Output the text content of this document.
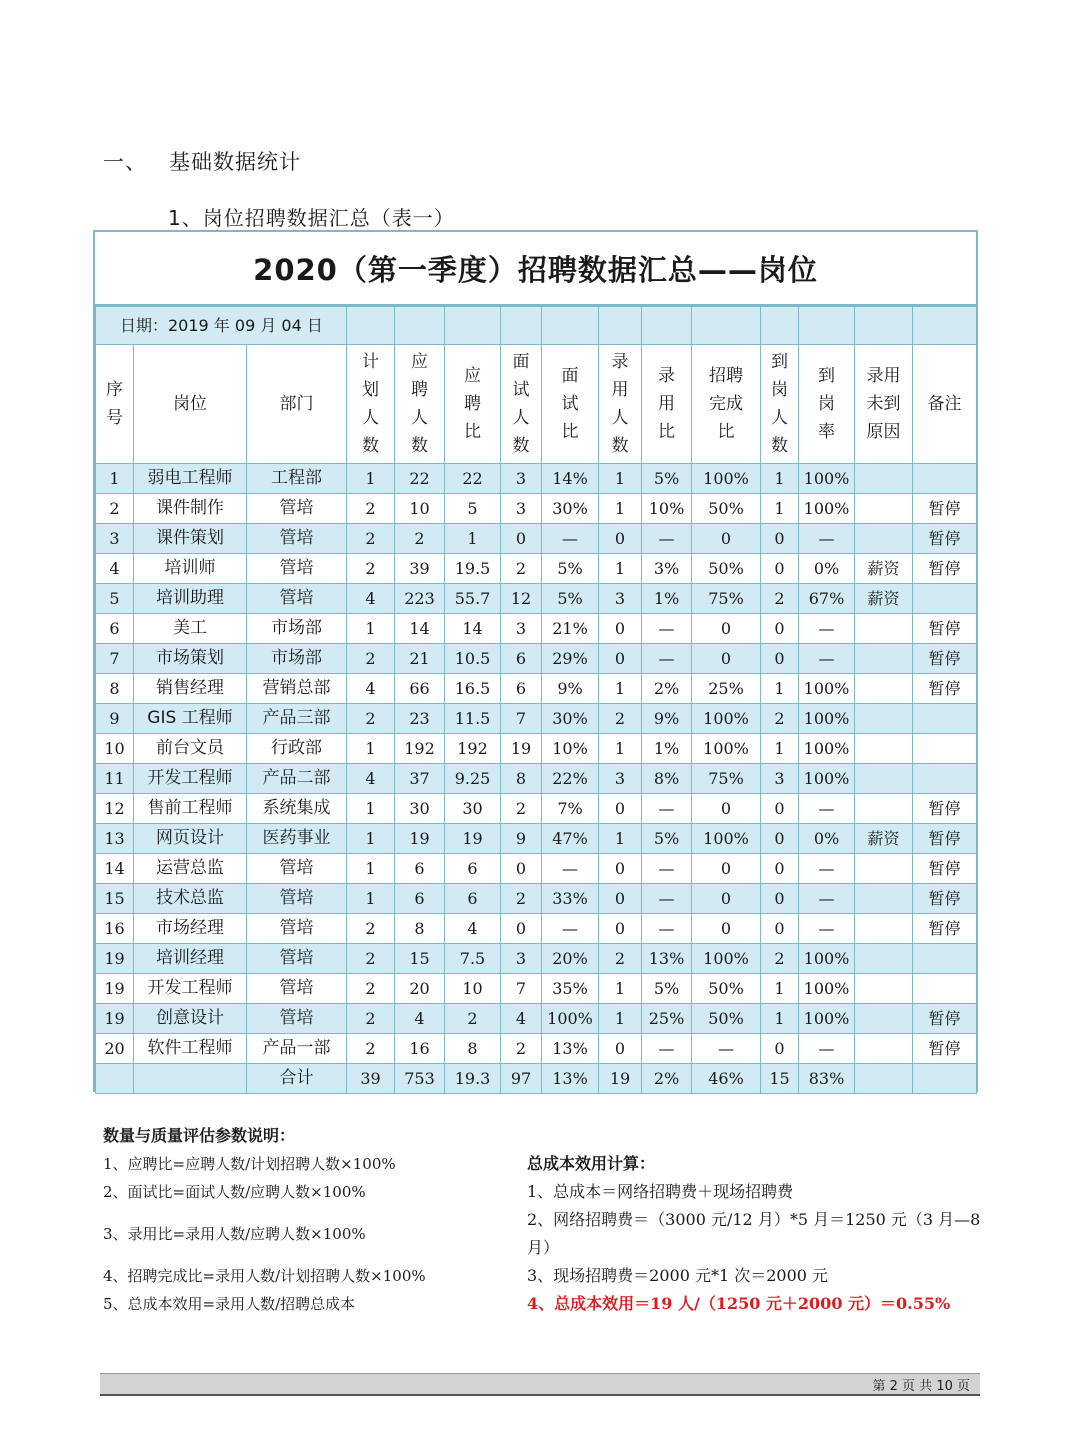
一、 基础数据统计
1、岗位招聘数据汇总（表一）
2020（第一季度）招聘数据汇总——岗位
日期：2019 年 09 月 04 日														
序号	岗位	部门	计划人数	应聘人数	应聘比	面试人数	面试比	录用人数	录用比	招聘完成比	到岗人数	到岗率	录用未到原因	备注
1	弱电工程师	工程部	1	22	22	3	14%	1	5%	100%	1	100%		
2	课件制作	管培	2	10	5	3	30%	1	10%	50%	1	100%		暂停
3	课件策划	管培	2	2	1	0	—	0	—	0	0	—		暂停
4	培训师	管培	2	39	19.5	2	5%	1	3%	50%	0	0%	薪资	暂停
5	培训助理	管培	4	223	55.7	12	5%	3	1%	75%	2	67%	薪资	
6	美工	市场部	1	14	14	3	21%	0	—	0	0	—		暂停
7	市场策划	市场部	2	21	10.5	6	29%	0	—	0	0	—		暂停
8	销售经理	营销总部	4	66	16.5	6	9%	1	2%	25%	1	100%		暂停
9	GIS 工程师	产品三部	2	23	11.5	7	30%	2	9%	100%	2	100%		
10	前台文员	行政部	1	192	192	19	10%	1	1%	100%	1	100%		
11	开发工程师	产品二部	4	37	9.25	8	22%	3	8%	75%	3	100%		
12	售前工程师	系统集成	1	30	30	2	7%	0	—	0	0	—		暂停
13	网页设计	医药事业	1	19	19	9	47%	1	5%	100%	0	0%	薪资	暂停
14	运营总监	管培	1	6	6	0	—	0	—	0	0	—		暂停
15	技术总监	管培	1	6	6	2	33%	0	—	0	0	—		暂停
16	市场经理	管培	2	8	4	0	—	0	—	0	0	—		暂停
19	培训经理	管培	2	15	7.5	3	20%	2	13%	100%	2	100%		
19	开发工程师	管培	2	20	10	7	35%	1	5%	50%	1	100%		
19	创意设计	管培	2	4	2	4	100%	1	25%	50%	1	100%		暂停
20	软件工程师	产品一部	2	16	8	2	13%	0	—	—	0	—		暂停
		合计	39	753	19.3	97	13%	19	2%	46%	15	83%		
数量与质量评估参数说明：
1、应聘比=应聘人数/计划招聘人数×100%
2、面试比=面试人数/应聘人数×100%
3、录用比=录用人数/应聘人数×100%
4、招聘完成比=录用人数/计划招聘人数×100%
5、总成本效用=录用人数/招聘总成本
总成本效用计算：
1、总成本＝网络招聘费＋现场招聘费
2、网络招聘费＝（3000 元/12 月）*5 月＝1250 元（3 月—8 月）
3、现场招聘费＝2000 元*1 次＝2000 元
4、总成本效用＝19 人/（1250 元＋2000 元）＝0.55%
第 2 页 共 10 页
